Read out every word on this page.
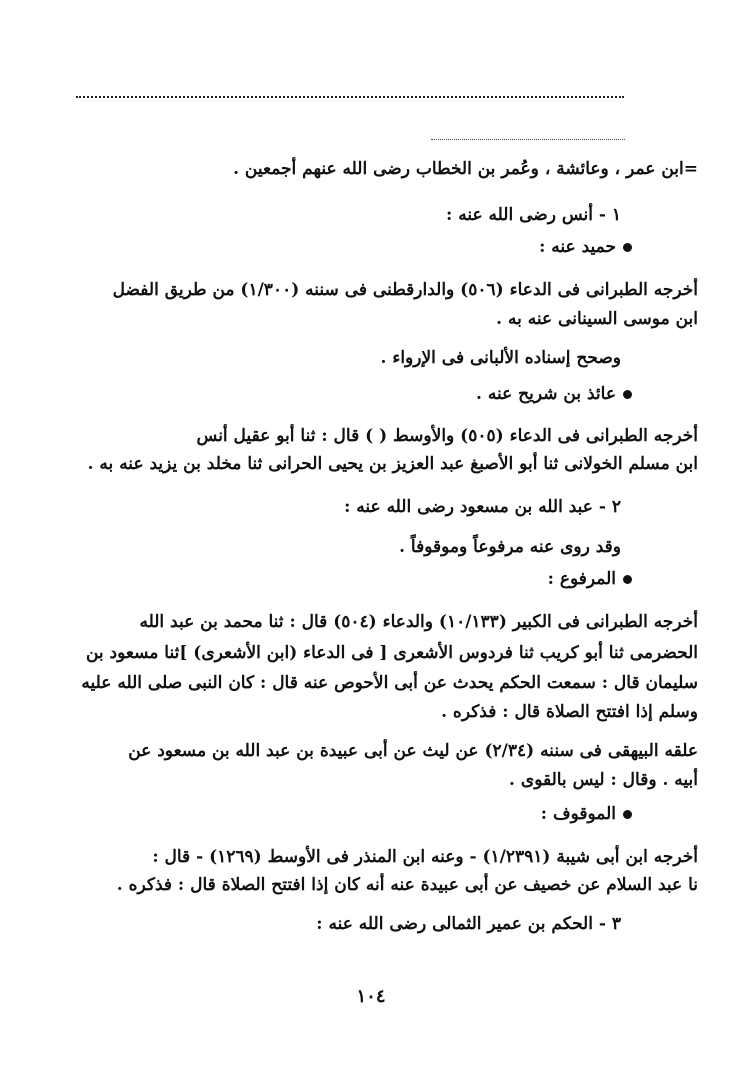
=ابن عمر ، وعائشة ، وعُمر بن الخطاب رضى الله عنهم أجمعين .
١ - أنس رضى الله عنه :
حميد عنه :
أخرجه الطبرانى فى الدعاء (٥٠٦) والدارقطنى فى سننه (١/٣٠٠) من طريق الفضل
ابن موسى السينانى عنه به .
وصحح إسناده الألبانى فى الإرواء .
عائذ بن شريح عنه .
أخرجه الطبرانى فى الدعاء (٥٠٥) والأوسط ( ) قال : ثنا أبو عقيل أنس
ابن مسلم الخولانى ثنا أبو الأصبغ عبد العزيز بن يحيى الحرانى ثنا مخلد بن يزيد عنه به .
٢ - عبد الله بن مسعود رضى الله عنه :
وقد روى عنه مرفوعاً وموقوفاً .
المرفوع :
أخرجه الطبرانى فى الكبير (١٠/١٣٣) والدعاء (٥٠٤) قال : ثنا محمد بن عبد الله
الحضرمى ثنا أبو كريب ثنا فردوس الأشعرى [ فى الدعاء (ابن الأشعرى) ]ثنا مسعود بن
سليمان قال : سمعت الحكم يحدث عن أبى الأحوص عنه قال : كان النبى صلى الله عليه
وسلم إذا افتتح الصلاة قال : فذكره .
علقه البيهقى فى سننه (٢/٣٤) عن ليث عن أبى عبيدة بن عبد الله بن مسعود عن
أبيه . وقال : ليس بالقوى .
الموقوف :
أخرجه ابن أبى شيبة (١/٢٣٩١) - وعنه ابن المنذر فى الأوسط (١٢٦٩) - قال :
نا عبد السلام عن خصيف عن أبى عبيدة عنه أنه كان إذا افتتح الصلاة قال : فذكره .
٣ - الحكم بن عمير الثمالى رضى الله عنه :
١٠٤
